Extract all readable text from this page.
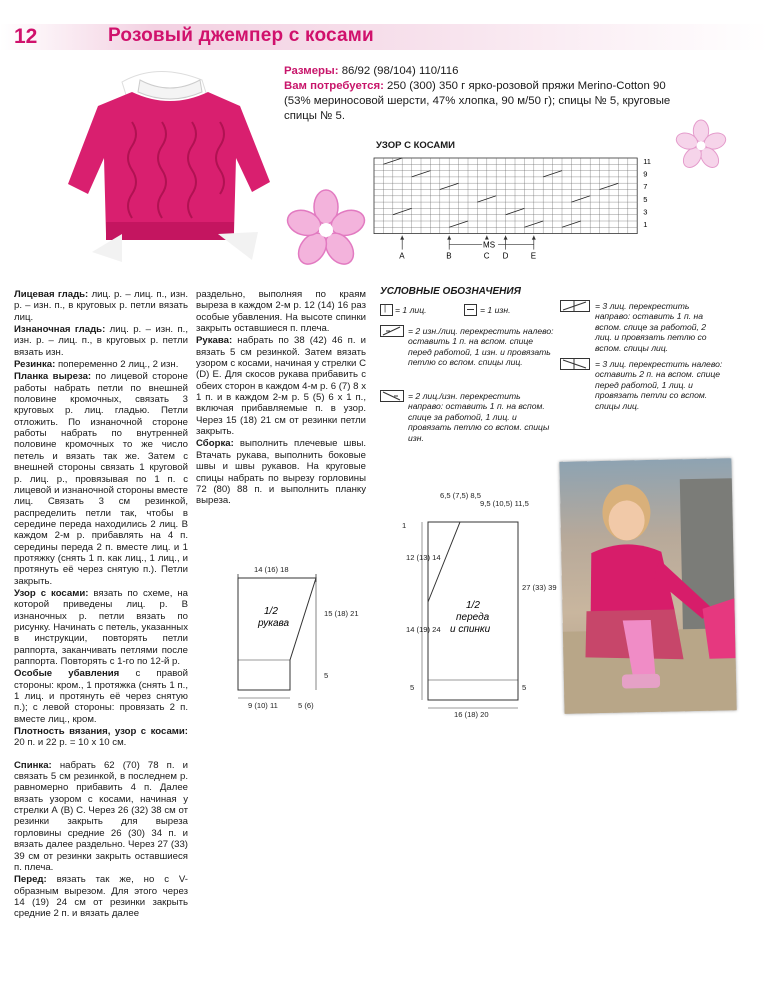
12	Розовый джемпер с косами
Размеры: 86/92 (98/104) 110/116
Вам потребуется: 250 (300) 350 г ярко-розовой пряжи Merino-Cotton 90 (53% мериносовой шерсти, 47% хлопка, 90 м/50 г); спицы № 5, круговые спицы № 5.
УЗОР С КОСАМИ
11
9
7
5
3
1
A	B	C D	E
MS
УСЛОВНЫЕ ОБОЗНАЧЕНИЯ
| = 1 лиц.	= 1 изн.
= 2 изн./лиц. перекрестить налево: оставить 1 п. на вспом. спице перед работой, 1 изн. и провязать петлю со вспом. спицы лиц.
= 2 лиц./изн. перекрестить направо: оставить 1 п. на вспом. спице за работой, 1 лиц. и провязать петлю со вспом. спицы изн.
= 3 лиц. перекрестить направо: оставить 1 п. на вспом. спице за работой, 2 лиц. и провязать петлю со вспом. спицы лиц.
= 3 лиц. перекрестить налево: оставить 2 п. на вспом. спице перед работой, 1 лиц. и провязать петли со вспом. спицы лиц.

Лицевая гладь: лиц. р. – лиц. п., изн. р. – изн. п., в круговых р. петли вязать лиц.

Изнаночная гладь: лиц. р. – изн. п., изн. р. – лиц. п., в круговых р. петли вязать изн.

Резинка: попеременно 2 лиц., 2 изн.

Планка выреза: по лицевой стороне работы набрать петли по внешней половине кромочных, связать 3 круговых р. лиц. гладью. Петли отложить. По изнаночной стороне работы набрать по внутренней половине кромочных то же число петель и вязать так же. Затем с внешней стороны связать 1 круговой р. лиц. р., провязывая по 1 п. с лицевой и изнаночной стороны вместе лиц. Связать 3 см резинкой, распределить петли так, чтобы в середине переда находились 2 лиц. В каждом 2-м р. прибавлять на 4 п. середины переда 2 п. вместе лиц. и 1 протяжку (снять 1 п. как лиц., 1 лиц., и протянуть её через снятую п.). Петли закрыть.

Узор с косами: вязать по схеме, на которой приведены лиц. р. В изнаночных р. петли вязать по рисунку. Начинать с петель, указанных в инструкции, повторять петли раппорта, заканчивать петлями после раппорта. Повторять с 1-го по 12-й р.

Особые убавления с правой стороны: кром., 1 протяжка (снять 1 п., 1 лиц. и протянуть её через снятую п.); с левой стороны: провязать 2 п. вместе лиц., кром.

Плотность вязания, узор с косами: 20 п. и 22 р. = 10 х 10 см.

Спинка: набрать 62 (70) 78 п. и связать 5 см резинкой, в последнем р. равномерно прибавить 4 п. Далее вязать узором с косами, начиная у стрелки А (В) С. Через 26 (32) 38 см от резинки закрыть для выреза горловины средние 26 (30) 34 п. и вязать далее раздельно. Через 27 (33) 39 см от резинки закрыть оставшиеся п. плеча.

Перед: вязать так же, но с V-образным вырезом. Для этого через 14 (19) 24 см от резинки закрыть средние 2 п. и вязать далее

раздельно, выполняя по краям выреза в каждом 2-м р. 12 (14) 16 раз особые убавления. На высоте спинки закрыть оставшиеся п. плеча.

Рукава: набрать по 38 (42) 46 п. и вязать 5 см резинкой. Затем вязать узором с косами, начиная у стрелки С (D) Е. Для скосов рукава прибавить с обеих сторон в каждом 4-м р. 6 (7) 8 х 1 п. и в каждом 2-м р. 5 (5) 6 х 1 п., включая прибавляемые п. в узор. Через 15 (18) 21 см от резинки петли закрыть.

Сборка: выполнить плечевые швы. Втачать рукава, выполнить боковые швы и швы рукавов. На круговые спицы набрать по вырезу горловины 72 (80) 88 п. и выполнить планку выреза.

14 (16) 18
1/2
рукава
15 (18) 21
5
9 (10) 11	5 (6)
6,5 (7,5) 8,5
9,5 (10,5) 11,5
1
12 (13) 14
14 (19) 24
27 (33) 39
5	5
16 (18) 20
1/2
переда
и спинки
